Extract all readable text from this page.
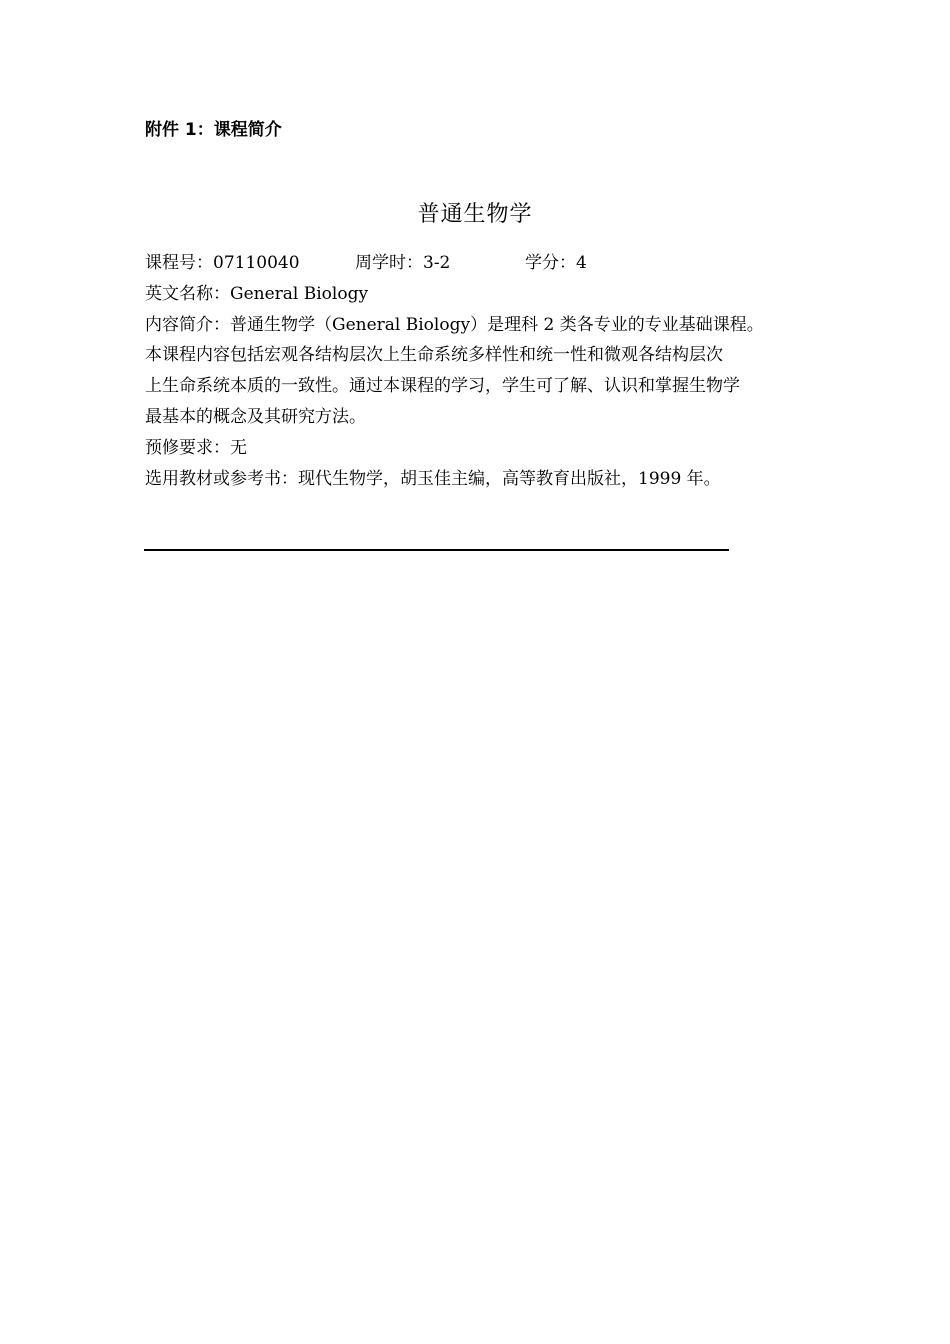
附件 1：课程简介
普通生物学
课程号：07110040	周学时：3-2	学分：4
英文名称：General Biology
内容简介：普通生物学（General Biology）是理科 2 类各专业的专业基础课程。
本课程内容包括宏观各结构层次上生命系统多样性和统一性和微观各结构层次
上生命系统本质的一致性。通过本课程的学习，学生可了解、认识和掌握生物学
最基本的概念及其研究方法。
预修要求：无
选用教材或参考书：现代生物学，胡玉佳主编，高等教育出版社，1999 年。
